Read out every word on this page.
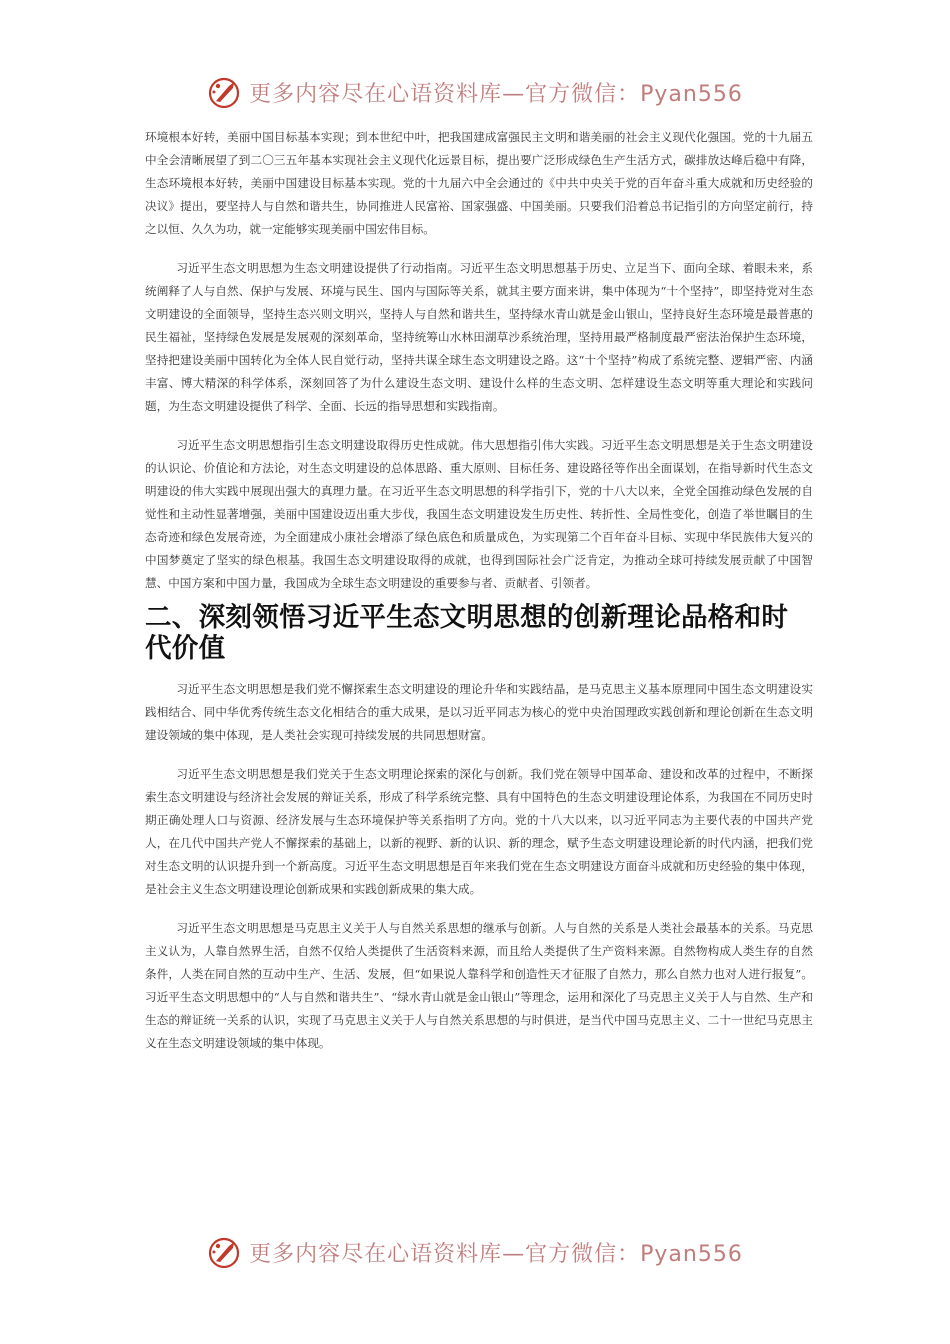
更多内容尽在心语资料库—官方微信：Pyan556

环境根本好转，美丽中国目标基本实现；到本世纪中叶，把我国建成富强民主文明和谐美丽的社会主义现代化强国。党的十九届五中全会清晰展望了到二〇三五年基本实现社会主义现代化远景目标，提出要广泛形成绿色生产生活方式，碳排放达峰后稳中有降，生态环境根本好转，美丽中国建设目标基本实现。党的十九届六中全会通过的《中共中央关于党的百年奋斗重大成就和历史经验的决议》提出，要坚持人与自然和谐共生，协同推进人民富裕、国家强盛、中国美丽。只要我们沿着总书记指引的方向坚定前行，持之以恒、久久为功，就一定能够实现美丽中国宏伟目标。

习近平生态文明思想为生态文明建设提供了行动指南。习近平生态文明思想基于历史、立足当下、面向全球、着眼未来，系统阐释了人与自然、保护与发展、环境与民生、国内与国际等关系，就其主要方面来讲，集中体现为“十个坚持”，即坚持党对生态文明建设的全面领导，坚持生态兴则文明兴，坚持人与自然和谐共生，坚持绿水青山就是金山银山，坚持良好生态环境是最普惠的民生福祉，坚持绿色发展是发展观的深刻革命，坚持统筹山水林田湖草沙系统治理，坚持用最严格制度最严密法治保护生态环境，坚持把建设美丽中国转化为全体人民自觉行动，坚持共谋全球生态文明建设之路。这“十个坚持”构成了系统完整、逻辑严密、内涵丰富、博大精深的科学体系，深刻回答了为什么建设生态文明、建设什么样的生态文明、怎样建设生态文明等重大理论和实践问题，为生态文明建设提供了科学、全面、长远的指导思想和实践指南。

习近平生态文明思想指引生态文明建设取得历史性成就。伟大思想指引伟大实践。习近平生态文明思想是关于生态文明建设的认识论、价值论和方法论，对生态文明建设的总体思路、重大原则、目标任务、建设路径等作出全面谋划，在指导新时代生态文明建设的伟大实践中展现出强大的真理力量。在习近平生态文明思想的科学指引下，党的十八大以来，全党全国推动绿色发展的自觉性和主动性显著增强，美丽中国建设迈出重大步伐，我国生态文明建设发生历史性、转折性、全局性变化，创造了举世瞩目的生态奇迹和绿色发展奇迹，为全面建成小康社会增添了绿色底色和质量成色，为实现第二个百年奋斗目标、实现中华民族伟大复兴的中国梦奠定了坚实的绿色根基。我国生态文明建设取得的成就，也得到国际社会广泛肯定，为推动全球可持续发展贡献了中国智慧、中国方案和中国力量，我国成为全球生态文明建设的重要参与者、贡献者、引领者。

二、深刻领悟习近平生态文明思想的创新理论品格和时代价值

习近平生态文明思想是我们党不懈探索生态文明建设的理论升华和实践结晶，是马克思主义基本原理同中国生态文明建设实践相结合、同中华优秀传统生态文化相结合的重大成果，是以习近平同志为核心的党中央治国理政实践创新和理论创新在生态文明建设领域的集中体现，是人类社会实现可持续发展的共同思想财富。

习近平生态文明思想是我们党关于生态文明理论探索的深化与创新。我们党在领导中国革命、建设和改革的过程中，不断探索生态文明建设与经济社会发展的辩证关系，形成了科学系统完整、具有中国特色的生态文明建设理论体系，为我国在不同历史时期正确处理人口与资源、经济发展与生态环境保护等关系指明了方向。党的十八大以来，以习近平同志为主要代表的中国共产党人，在几代中国共产党人不懈探索的基础上，以新的视野、新的认识、新的理念，赋予生态文明建设理论新的时代内涵，把我们党对生态文明的认识提升到一个新高度。习近平生态文明思想是百年来我们党在生态文明建设方面奋斗成就和历史经验的集中体现，是社会主义生态文明建设理论创新成果和实践创新成果的集大成。

习近平生态文明思想是马克思主义关于人与自然关系思想的继承与创新。人与自然的关系是人类社会最基本的关系。马克思主义认为，人靠自然界生活，自然不仅给人类提供了生活资料来源，而且给人类提供了生产资料来源。自然物构成人类生存的自然条件，人类在同自然的互动中生产、生活、发展，但“如果说人靠科学和创造性天才征服了自然力，那么自然力也对人进行报复”。习近平生态文明思想中的“人与自然和谐共生”、“绿水青山就是金山银山”等理念，运用和深化了马克思主义关于人与自然、生产和生态的辩证统一关系的认识，实现了马克思主义关于人与自然关系思想的与时俱进，是当代中国马克思主义、二十一世纪马克思主义在生态文明建设领域的集中体现。

更多内容尽在心语资料库—官方微信：Pyan556
